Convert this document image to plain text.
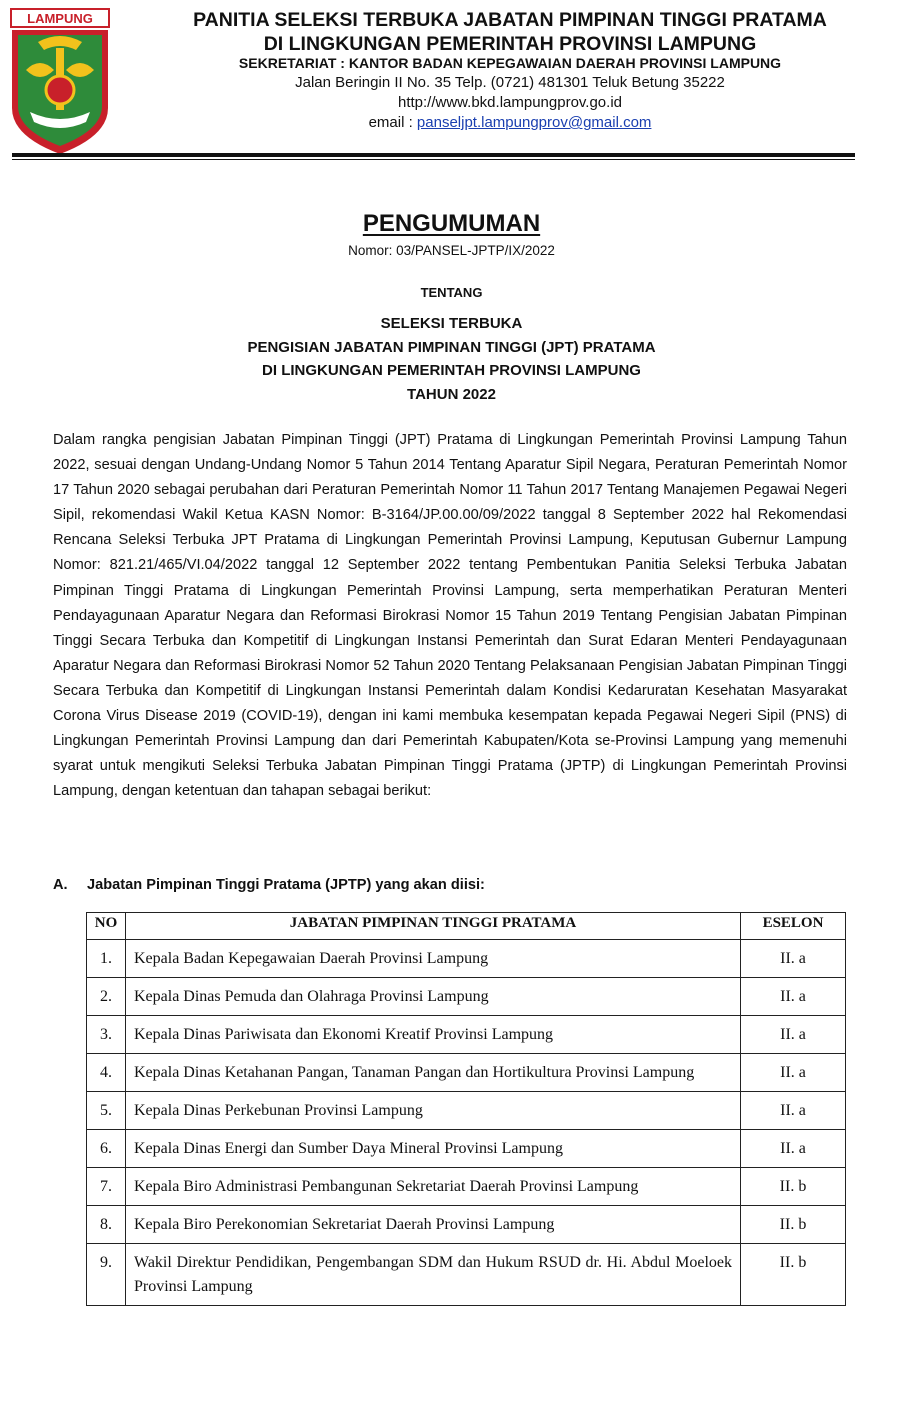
LAMPUNG	PANITIA SELEKSI TERBUKA JABATAN PIMPINAN TINGGI PRATAMA
DI LINGKUNGAN PEMERINTAH PROVINSI LAMPUNG
SEKRETARIAT : KANTOR BADAN KEPEGAWAIAN DAERAH PROVINSI LAMPUNG
Jalan Beringin II No. 35 Telp. (0721) 481301 Teluk Betung 35222
http://www.bkd.lampungprov.go.id
email : panseljpt.lampungprov@gmail.com
PENGUMUMAN
Nomor: 03/PANSEL-JPTP/IX/2022
TENTANG
SELEKSI TERBUKA
PENGISIAN JABATAN PIMPINAN TINGGI (JPT) PRATAMA
DI LINGKUNGAN PEMERINTAH PROVINSI LAMPUNG
TAHUN 2022
Dalam rangka pengisian Jabatan Pimpinan Tinggi (JPT) Pratama di Lingkungan Pemerintah Provinsi Lampung Tahun 2022, sesuai dengan Undang-Undang Nomor 5 Tahun 2014 Tentang Aparatur Sipil Negara, Peraturan Pemerintah Nomor 17 Tahun 2020 sebagai perubahan dari Peraturan Pemerintah Nomor 11 Tahun 2017 Tentang Manajemen Pegawai Negeri Sipil, rekomendasi Wakil Ketua KASN Nomor: B-3164/JP.00.00/09/2022 tanggal 8 September 2022 hal Rekomendasi Rencana Seleksi Terbuka JPT Pratama di Lingkungan Pemerintah Provinsi Lampung, Keputusan Gubernur Lampung Nomor: 821.21/465/VI.04/2022 tanggal 12 September 2022 tentang Pembentukan Panitia Seleksi Terbuka Jabatan Pimpinan Tinggi Pratama di Lingkungan Pemerintah Provinsi Lampung, serta memperhatikan Peraturan Menteri Pendayagunaan Aparatur Negara dan Reformasi Birokrasi Nomor 15 Tahun 2019 Tentang Pengisian Jabatan Pimpinan Tinggi Secara Terbuka dan Kompetitif di Lingkungan Instansi Pemerintah dan Surat Edaran Menteri Pendayagunaan Aparatur Negara dan Reformasi Birokrasi Nomor 52 Tahun 2020 Tentang Pelaksanaan Pengisian Jabatan Pimpinan Tinggi Secara Terbuka dan Kompetitif di Lingkungan Instansi Pemerintah dalam Kondisi Kedaruratan Kesehatan Masyarakat Corona Virus Disease 2019 (COVID-19), dengan ini kami membuka kesempatan kepada Pegawai Negeri Sipil (PNS) di Lingkungan Pemerintah Provinsi Lampung dan dari Pemerintah Kabupaten/Kota se-Provinsi Lampung yang memenuhi syarat untuk mengikuti Seleksi Terbuka Jabatan Pimpinan Tinggi Pratama (JPTP) di Lingkungan Pemerintah Provinsi Lampung, dengan ketentuan dan tahapan sebagai berikut:
A. Jabatan Pimpinan Tinggi Pratama (JPTP) yang akan diisi:
NO	JABATAN PIMPINAN TINGGI PRATAMA	ESELON
1.	Kepala Badan Kepegawaian Daerah Provinsi Lampung	II. a
2.	Kepala Dinas Pemuda dan Olahraga Provinsi Lampung	II. a
3.	Kepala Dinas Pariwisata dan Ekonomi Kreatif Provinsi Lampung	II. a
4.	Kepala Dinas Ketahanan Pangan, Tanaman Pangan dan Hortikultura Provinsi Lampung	II. a
5.	Kepala Dinas Perkebunan Provinsi Lampung	II. a
6.	Kepala Dinas Energi dan Sumber Daya Mineral Provinsi Lampung	II. a
7.	Kepala Biro Administrasi Pembangunan Sekretariat Daerah Provinsi Lampung	II. b
8.	Kepala Biro Perekonomian Sekretariat Daerah Provinsi Lampung	II. b
9.	Wakil Direktur Pendidikan, Pengembangan SDM dan Hukum RSUD dr. Hi. Abdul Moeloek Provinsi Lampung	II. b
